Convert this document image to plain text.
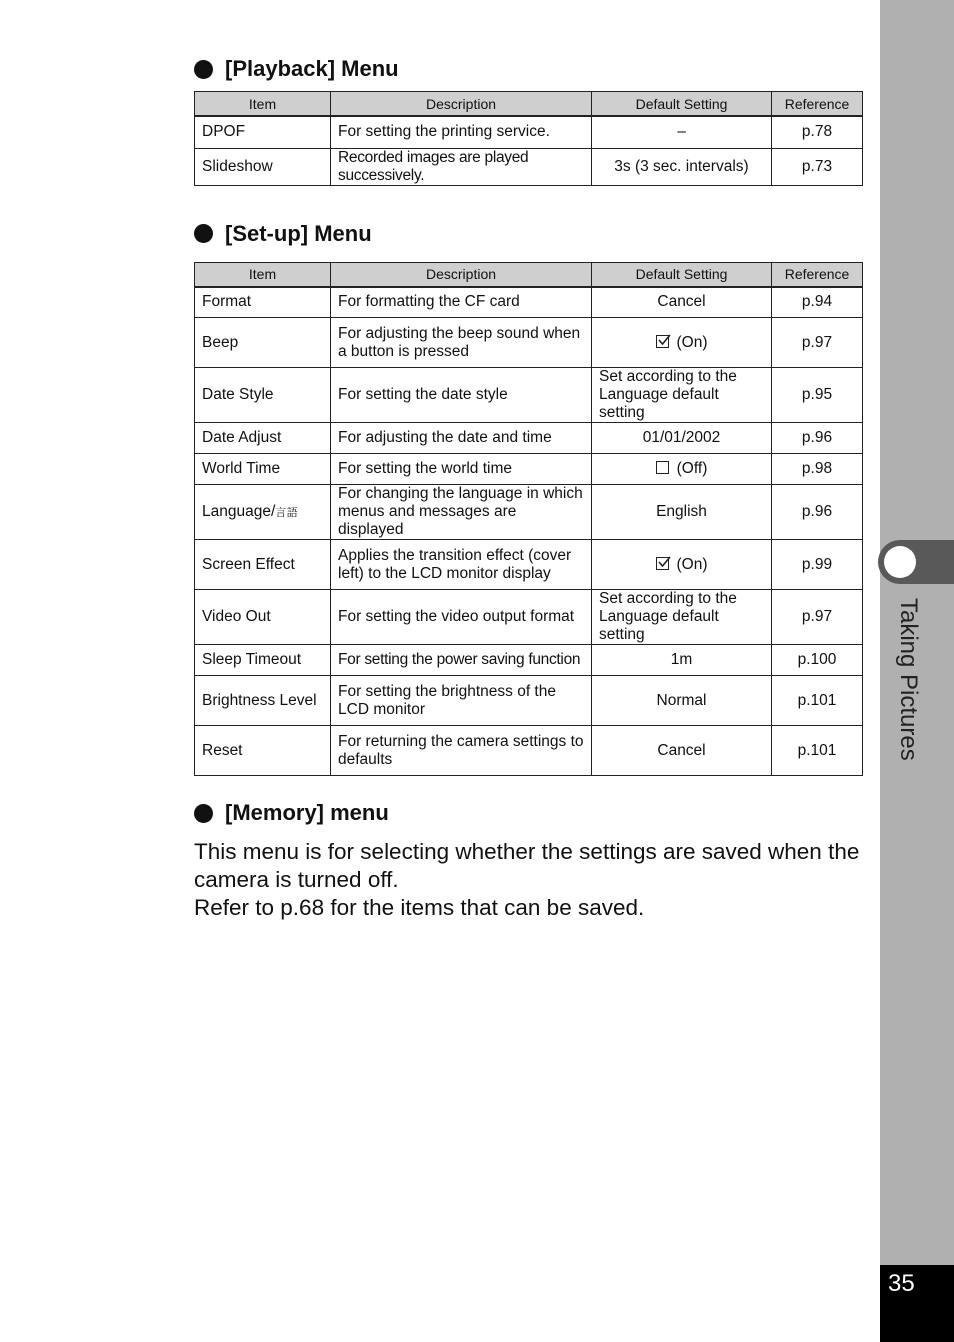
[Playback] Menu
Item	Description	Default Setting	Reference
DPOF	For setting the printing service.	–	p.78
Slideshow	Recorded images are played successively.	3s (3 sec. intervals)	p.73
[Set-up] Menu
Item	Description	Default Setting	Reference
Format	For formatting the CF card	Cancel	p.94
Beep	For adjusting the beep sound when a button is pressed	(On)	p.97
Date Style	For setting the date style	Set according to the Language default setting	p.95
Date Adjust	For adjusting the date and time	01/01/2002	p.96
World Time	For setting the world time	(Off)	p.98
Language/言語	For changing the language in which menus and messages are displayed	English	p.96
Screen Effect	Applies the transition effect (cover left) to the LCD monitor display	(On)	p.99
Video Out	For setting the video output format	Set according to the Language default setting	p.97
Sleep Timeout	For setting the power saving function	1m	p.100
Brightness Level	For setting the brightness of the LCD monitor	Normal	p.101
Reset	For returning the camera settings to defaults	Cancel	p.101
[Memory] menu

This menu is for selecting whether the settings are saved when the camera is turned off.
Refer to p.68 for the items that can be saved.

Taking Pictures
35
